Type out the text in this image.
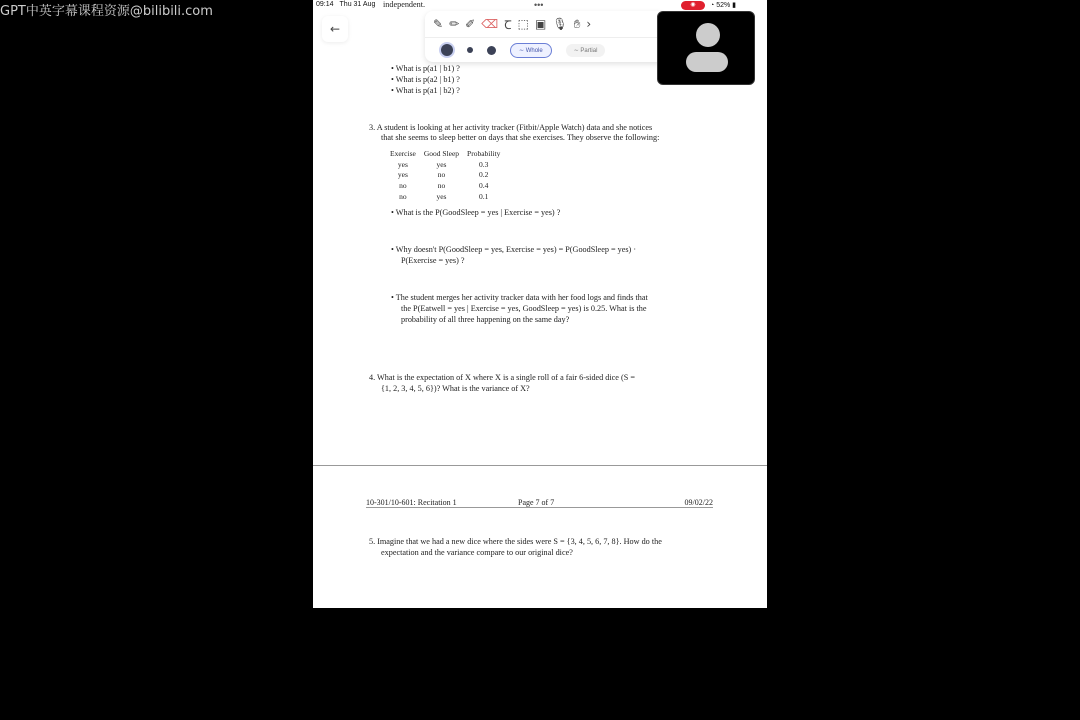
GPT中英字幕课程资源@bilibili.com	independent.
• What is p(a1 | b1) ?
• What is p(a2 | b1) ?
• What is p(a1 | b2) ?
3. A student is looking at her activity tracker (Fitbit/Apple Watch) data and she notices
that she seems to sleep better on days that she exercises. They observe the following:
Exercise	Good Sleep	Probability
yes	yes	0.3
yes	no	0.2
no	no	0.4
no	yes	0.1
• What is the P(GoodSleep = yes | Exercise = yes) ?
• Why doesn't P(GoodSleep = yes, Exercise = yes) = P(GoodSleep = yes) ·
P(Exercise = yes) ?
• The student merges her activity tracker data with her food logs and finds that
the P(Eatwell = yes | Exercise = yes, GoodSleep = yes) is 0.25. What is the
probability of all three happening on the same day?
4. What is the expectation of X where X is a single roll of a fair 6-sided dice (S =
{1, 2, 3, 4, 5, 6})? What is the variance of X?
10-301/10-601: Recitation 1	Page 7 of 7	09/02/22
5. Imagine that we had a new dice where the sides were S = {3, 4, 5, 6, 7, 8}. How do the
expectation and the variance compare to our original dice?
09:14 Thu 31 Aug	•••	◉	◔ 52% ▮
←	✎ ✏ ✐ ⌫ Ꞇ ⬚ ▣ 🎙︎ ✋︎ ›
∼ Whole	∼ Partial
